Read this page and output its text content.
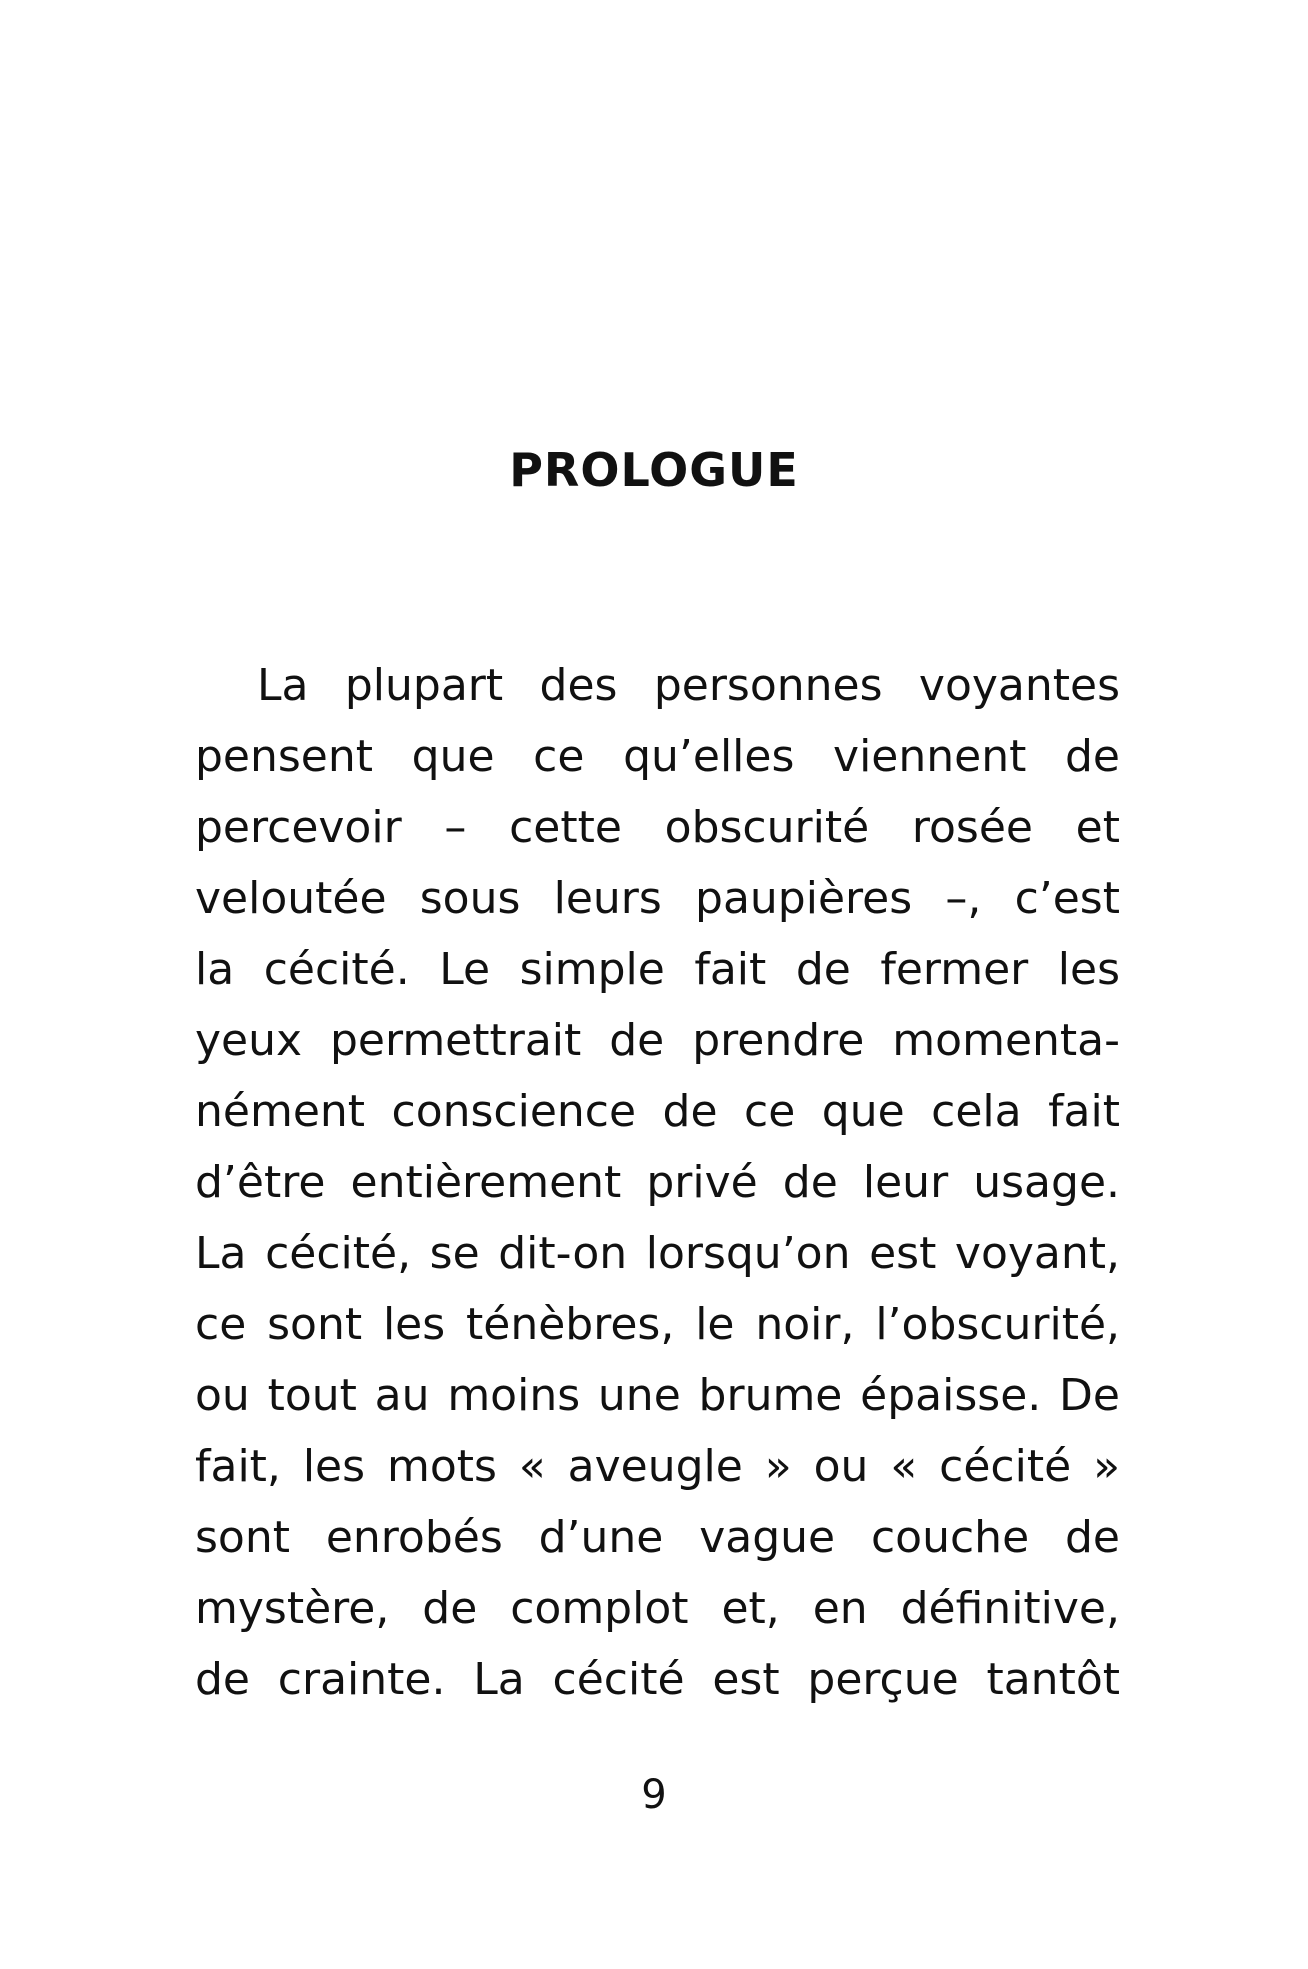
PROLOGUE
La plupart des personnes voyantes
pensent que ce qu’elles viennent de
percevoir – cette obscurité rosée et
veloutée sous leurs paupières –, c’est
la cécité. Le simple fait de fermer les
yeux permettrait de prendre momenta-
nément conscience de ce que cela fait
d’être entièrement privé de leur usage.
La cécité, se dit-on lorsqu’on est voyant,
ce sont les ténèbres, le noir, l’obscurité,
ou tout au moins une brume épaisse. De
fait, les mots « aveugle » ou « cécité »
sont enrobés d’une vague couche de
mystère, de complot et, en définitive,
de crainte. La cécité est perçue tantôt
9
